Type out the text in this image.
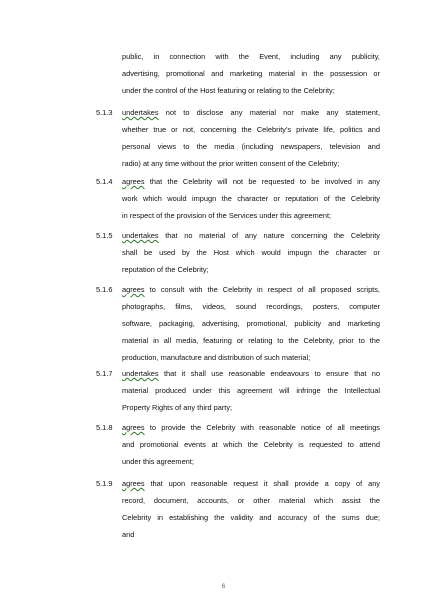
public, in connection with the Event, including any publicity,
advertising, promotional and marketing material in the possession or
under the control of the Host featuring or relating to the Celebrity;
5.1.3 undertakes not to disclose any material nor make any statement,
whether true or not, concerning the Celebrity's private life, politics and
personal views to the media (including newspapers, television and
radio) at any time without the prior written consent of the Celebrity;
5.1.4 agrees that the Celebrity will not be requested to be involved in any
work which would impugn the character or reputation of the Celebrity
in respect of the provision of the Services under this agreement;
5.1.5 undertakes that no material of any nature concerning the Celebrity
shall be used by the Host which would impugn the character or
reputation of the Celebrity;
5.1.6 agrees to consult with the Celebrity in respect of all proposed scripts,
photographs, films, videos, sound recordings, posters, computer
software, packaging, advertising, promotional, publicity and marketing
material in all media, featuring or relating to the Celebrity, prior to the
production, manufacture and distribution of such material;
5.1.7 undertakes that it shall use reasonable endeavours to ensure that no
material produced under this agreement will infringe the Intellectual
Property Rights of any third party;
5.1.8 agrees to provide the Celebrity with reasonable notice of all meetings
and promotional events at which the Celebrity is requested to attend
under this agreement;
5.1.9 agrees that upon reasonable request it shall provide a copy of any
record, document, accounts, or other material which assist the
Celebrity in establishing the validity and accuracy of the sums due;
and
6
